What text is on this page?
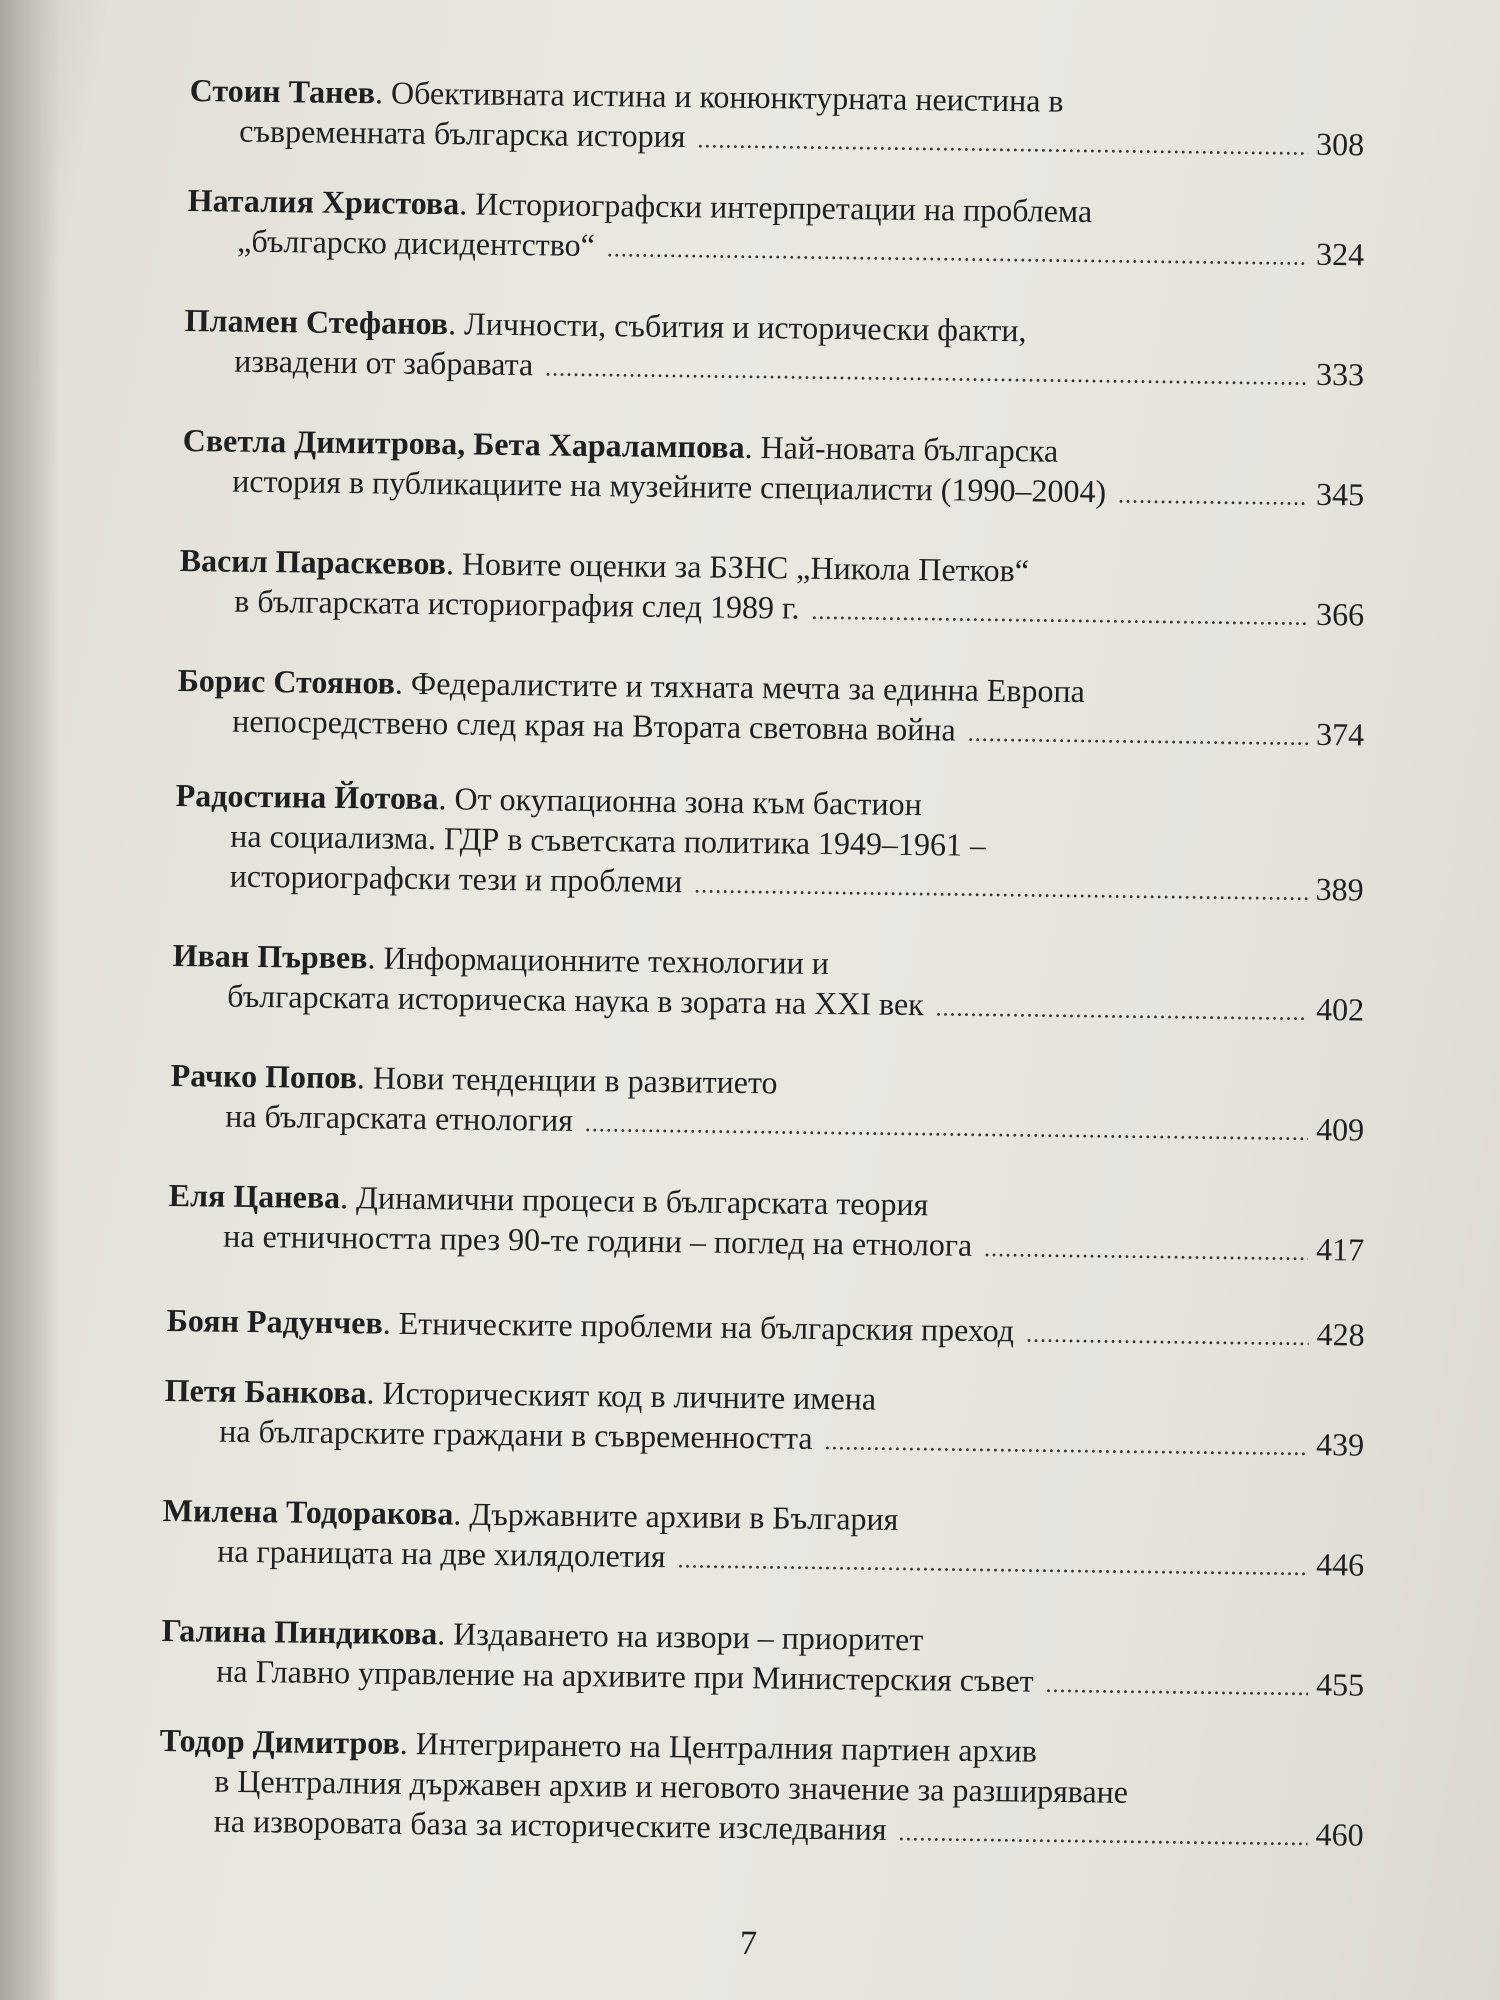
Стоин Танев. Обективната истина и конюнктурната неистина в
съвременната българска история .....	308
Наталия Христова. Историографски интерпретации на проблема
„българско дисидентство“ .....	324
Пламен Стефанов. Личности, събития и исторически факти,
извадени от забравата .....	333
Светла Димитрова, Бета Харалампова. Най-новата българска
история в публикациите на музейните специалисти (1990–2004) .....	345
Васил Параскевов. Новите оценки за БЗНС „Никола Петков“
в българската историография след 1989 г. .....	366
Борис Стоянов. Федералистите и тяхната мечта за единна Европа
непосредствено след края на Втората световна война .....	374
Радостина Йотова. От окупационна зона към бастион
на социализма. ГДР в съветската политика 1949–1961 –
историографски тези и проблеми .....	389
Иван Първев. Информационните технологии и
българската историческа наука в зората на XXI век .....	402
Рачко Попов. Нови тенденции в развитието
на българската етнология .....	409
Еля Цанева. Динамични процеси в българската теория
на етничността през 90-те години – поглед на етнолога .....	417
Боян Радунчев. Етническите проблеми на българския преход .....	428
Петя Банкова. Историческият код в личните имена
на българските граждани в съвременността .....	439
Милена Тодоракова. Държавните архиви в България
на границата на две хилядолетия .....	446
Галина Пиндикова. Издаването на извори – приоритет
на Главно управление на архивите при Министерския съвет .....	455
Тодор Димитров. Интегрирането на Централния партиен архив
в Централния държавен архив и неговото значение за разширяване
на изворовата база за историческите изследвания .....	460
7
